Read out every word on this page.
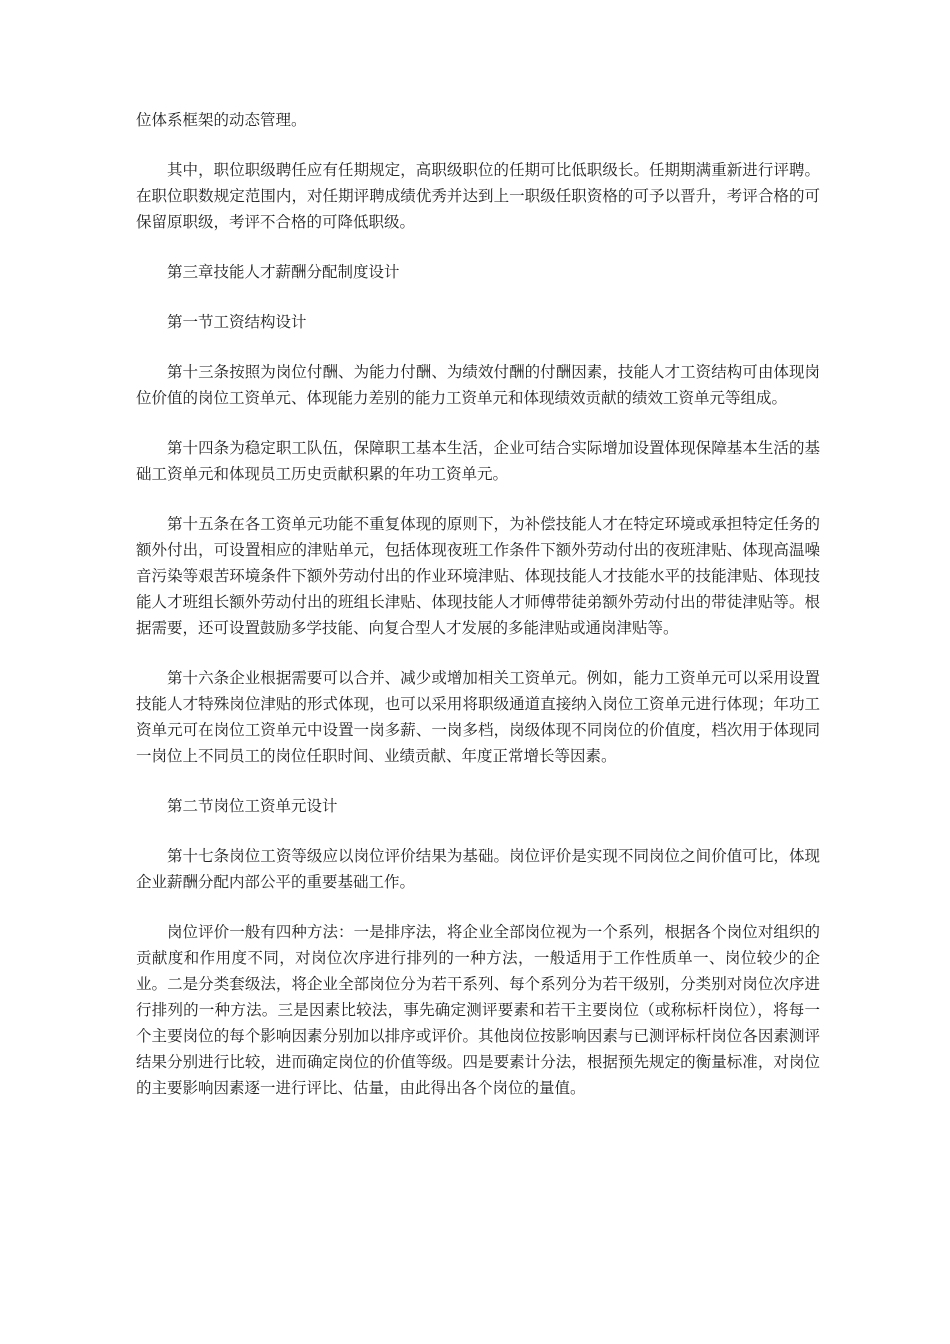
位体系框架的动态管理。

其中，职位职级聘任应有任期规定，高职级职位的任期可比低职级长。任期期满重新进行评聘。在职位职数规定范围内，对任期评聘成绩优秀并达到上一职级任职资格的可予以晋升，考评合格的可保留原职级，考评不合格的可降低职级。

第三章技能人才薪酬分配制度设计

第一节工资结构设计

第十三条按照为岗位付酬、为能力付酬、为绩效付酬的付酬因素，技能人才工资结构可由体现岗位价值的岗位工资单元、体现能力差别的能力工资单元和体现绩效贡献的绩效工资单元等组成。

第十四条为稳定职工队伍，保障职工基本生活，企业可结合实际增加设置体现保障基本生活的基础工资单元和体现员工历史贡献积累的年功工资单元。

第十五条在各工资单元功能不重复体现的原则下，为补偿技能人才在特定环境或承担特定任务的额外付出，可设置相应的津贴单元，包括体现夜班工作条件下额外劳动付出的夜班津贴、体现高温噪音污染等艰苦环境条件下额外劳动付出的作业环境津贴、体现技能人才技能水平的技能津贴、体现技能人才班组长额外劳动付出的班组长津贴、体现技能人才师傅带徒弟额外劳动付出的带徒津贴等。根据需要，还可设置鼓励多学技能、向复合型人才发展的多能津贴或通岗津贴等。

第十六条企业根据需要可以合并、减少或增加相关工资单元。例如，能力工资单元可以采用设置技能人才特殊岗位津贴的形式体现，也可以采用将职级通道直接纳入岗位工资单元进行体现；年功工资单元可在岗位工资单元中设置一岗多薪、一岗多档，岗级体现不同岗位的价值度，档次用于体现同一岗位上不同员工的岗位任职时间、业绩贡献、年度正常增长等因素。

第二节岗位工资单元设计

第十七条岗位工资等级应以岗位评价结果为基础。岗位评价是实现不同岗位之间价值可比，体现企业薪酬分配内部公平的重要基础工作。

岗位评价一般有四种方法：一是排序法，将企业全部岗位视为一个系列，根据各个岗位对组织的贡献度和作用度不同，对岗位次序进行排列的一种方法，一般适用于工作性质单一、岗位较少的企业。二是分类套级法，将企业全部岗位分为若干系列、每个系列分为若干级别，分类别对岗位次序进行排列的一种方法。三是因素比较法，事先确定测评要素和若干主要岗位（或称标杆岗位），将每一个主要岗位的每个影响因素分别加以排序或评价。其他岗位按影响因素与已测评标杆岗位各因素测评结果分别进行比较，进而确定岗位的价值等级。四是要素计分法，根据预先规定的衡量标准，对岗位的主要影响因素逐一进行评比、估量，由此得出各个岗位的量值。
